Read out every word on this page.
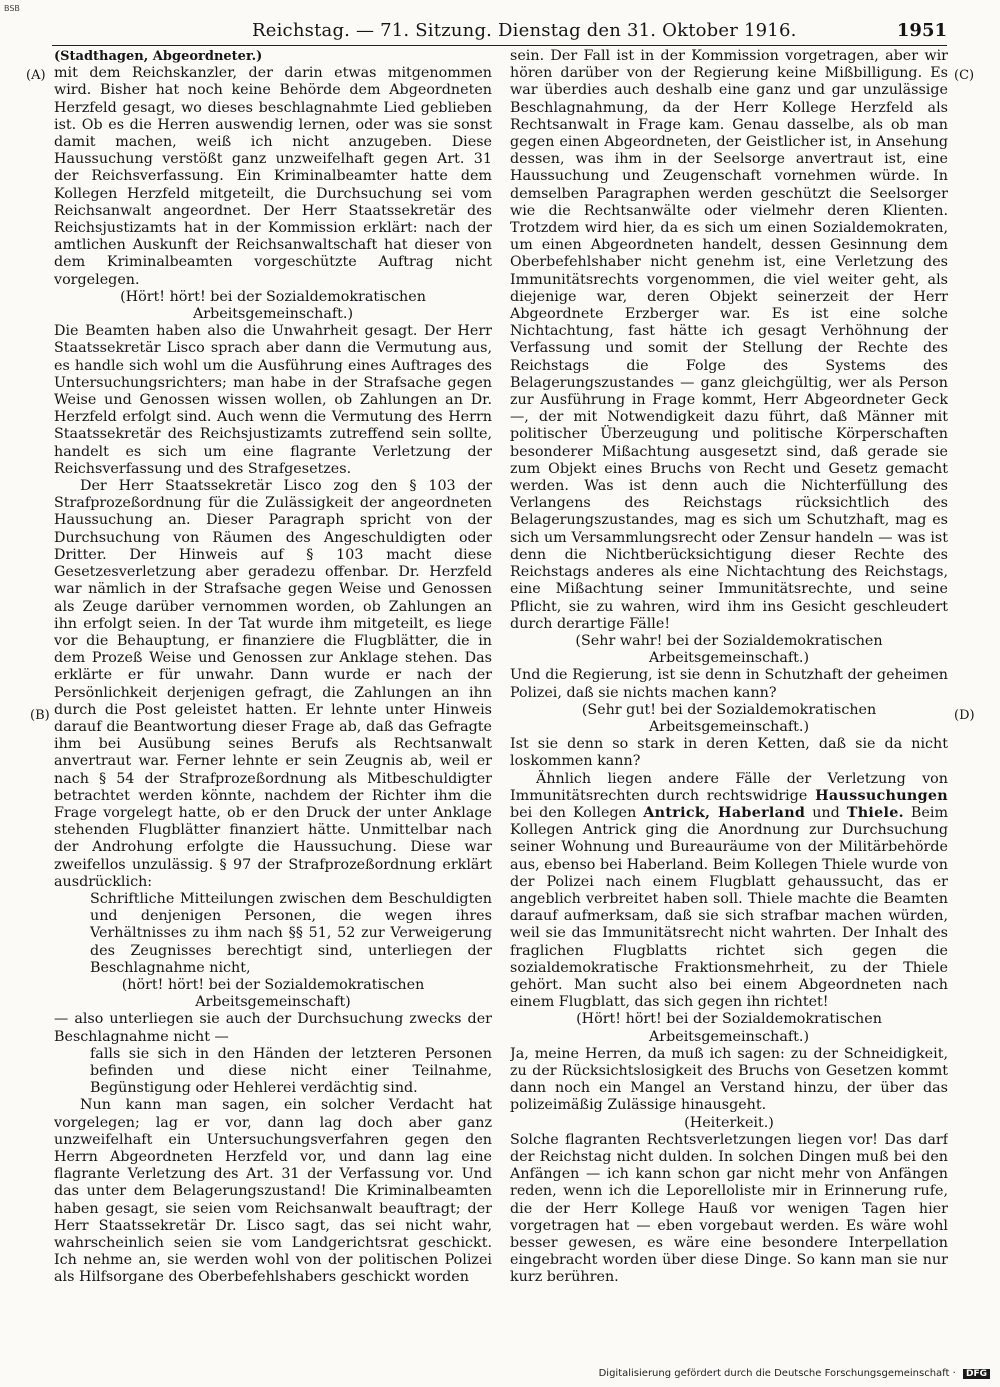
BSB
Reichstag. — 71. Sitzung. Dienstag den 31. Oktober 1916.	1951
(A)
(B)
(C)
(D)

(Stadthagen, Abgeordneter.)

mit dem Reichskanzler, der darin etwas mitgenommen wird. Bisher hat noch keine Behörde dem Abgeordneten Herzfeld gesagt, wo dieses beschlagnahmte Lied geblieben ist. Ob es die Herren auswendig lernen, oder was sie sonst damit machen, weiß ich nicht anzugeben. Diese Haussuchung verstößt ganz unzweifelhaft gegen Art. 31 der Reichsverfassung. Ein Kriminalbeamter hatte dem Kollegen Herzfeld mitgeteilt, die Durchsuchung sei vom Reichsanwalt angeordnet. Der Herr Staatssekretär des Reichsjustizamts hat in der Kommission erklärt: nach der amtlichen Auskunft der Reichsanwaltschaft hat dieser von dem Kriminalbeamten vorgeschützte Auftrag nicht vorgelegen.

(Hört! hört! bei der Sozialdemokratischen Arbeitsgemeinschaft.)

Die Beamten haben also die Unwahrheit gesagt. Der Herr Staatssekretär Lisco sprach aber dann die Vermutung aus, es handle sich wohl um die Ausführung eines Auftrages des Untersuchungsrichters; man habe in der Strafsache gegen Weise und Genossen wissen wollen, ob Zahlungen an Dr. Herzfeld erfolgt sind. Auch wenn die Vermutung des Herrn Staatssekretär des Reichsjustizamts zutreffend sein sollte, handelt es sich um eine flagrante Verletzung der Reichsverfassung und des Strafgesetzes.

Der Herr Staatssekretär Lisco zog den § 103 der Strafprozeßordnung für die Zulässigkeit der angeordneten Haussuchung an. Dieser Paragraph spricht von der Durchsuchung von Räumen des Angeschuldigten oder Dritter. Der Hinweis auf § 103 macht diese Gesetzesverletzung aber geradezu offenbar. Dr. Herzfeld war nämlich in der Strafsache gegen Weise und Genossen als Zeuge darüber vernommen worden, ob Zahlungen an ihn erfolgt seien. In der Tat wurde ihm mitgeteilt, es liege vor die Behauptung, er finanziere die Flugblätter, die in dem Prozeß Weise und Genossen zur Anklage stehen. Das erklärte er für unwahr. Dann wurde er nach der Persönlichkeit derjenigen gefragt, die Zahlungen an ihn durch die Post geleistet hatten. Er lehnte unter Hinweis darauf die Beantwortung dieser Frage ab, daß das Gefragte ihm bei Ausübung seines Berufs als Rechtsanwalt anvertraut war. Ferner lehnte er sein Zeugnis ab, weil er nach § 54 der Strafprozeßordnung als Mitbeschuldigter betrachtet werden könnte, nachdem der Richter ihm die Frage vorgelegt hatte, ob er den Druck der unter Anklage stehenden Flugblätter finanziert hätte. Unmittelbar nach der Androhung erfolgte die Haussuchung. Diese war zweifellos unzulässig. § 97 der Strafprozeßordnung erklärt ausdrücklich:

Schriftliche Mitteilungen zwischen dem Beschuldigten und denjenigen Personen, die wegen ihres Verhältnisses zu ihm nach §§ 51, 52 zur Verweigerung des Zeugnisses berechtigt sind, unterliegen der Beschlagnahme nicht,

(hört! hört! bei der Sozialdemokratischen Arbeitsgemeinschaft)

— also unterliegen sie auch der Durchsuchung zwecks der Beschlagnahme nicht —

falls sie sich in den Händen der letzteren Personen befinden und diese nicht einer Teilnahme, Begünstigung oder Hehlerei verdächtig sind.

Nun kann man sagen, ein solcher Verdacht hat vorgelegen; lag er vor, dann lag doch aber ganz unzweifelhaft ein Untersuchungsverfahren gegen den Herrn Abgeordneten Herzfeld vor, und dann lag eine flagrante Verletzung des Art. 31 der Verfassung vor. Und das unter dem Belagerungszustand! Die Kriminalbeamten haben gesagt, sie seien vom Reichsanwalt beauftragt; der Herr Staatssekretär Dr. Lisco sagt, das sei nicht wahr, wahrscheinlich seien sie vom Landgerichtsrat geschickt. Ich nehme an, sie werden wohl von der politischen Polizei als Hilfsorgane des Oberbefehlshabers geschickt worden

sein. Der Fall ist in der Kommission vorgetragen, aber wir hören darüber von der Regierung keine Mißbilligung. Es war überdies auch deshalb eine ganz und gar unzulässige Beschlagnahmung, da der Herr Kollege Herzfeld als Rechtsanwalt in Frage kam. Genau dasselbe, als ob man gegen einen Abgeordneten, der Geistlicher ist, in Ansehung dessen, was ihm in der Seelsorge anvertraut ist, eine Haussuchung und Zeugenschaft vornehmen würde. In demselben Paragraphen werden geschützt die Seelsorger wie die Rechtsanwälte oder vielmehr deren Klienten. Trotzdem wird hier, da es sich um einen Sozialdemokraten, um einen Abgeordneten handelt, dessen Gesinnung dem Oberbefehlshaber nicht genehm ist, eine Verletzung des Immunitätsrechts vorgenommen, die viel weiter geht, als diejenige war, deren Objekt seinerzeit der Herr Abgeordnete Erzberger war. Es ist eine solche Nichtachtung, fast hätte ich gesagt Verhöhnung der Verfassung und somit der Stellung der Rechte des Reichstags die Folge des Systems des Belagerungszustandes — ganz gleichgültig, wer als Person zur Ausführung in Frage kommt, Herr Abgeordneter Geck —, der mit Notwendigkeit dazu führt, daß Männer mit politischer Überzeugung und politische Körperschaften besonderer Mißachtung ausgesetzt sind, daß gerade sie zum Objekt eines Bruchs von Recht und Gesetz gemacht werden. Was ist denn auch die Nichterfüllung des Verlangens des Reichstags rücksichtlich des Belagerungszustandes, mag es sich um Schutzhaft, mag es sich um Versammlungsrecht oder Zensur handeln — was ist denn die Nichtberücksichtigung dieser Rechte des Reichstags anderes als eine Nichtachtung des Reichstags, eine Mißachtung seiner Immunitätsrechte, und seine Pflicht, sie zu wahren, wird ihm ins Gesicht geschleudert durch derartige Fälle!

(Sehr wahr! bei der Sozialdemokratischen Arbeitsgemeinschaft.)

Und die Regierung, ist sie denn in Schutzhaft der geheimen Polizei, daß sie nichts machen kann?

(Sehr gut! bei der Sozialdemokratischen Arbeitsgemeinschaft.)

Ist sie denn so stark in deren Ketten, daß sie da nicht loskommen kann?

Ähnlich liegen andere Fälle der Verletzung von Immunitätsrechten durch rechtswidrige Haussuchungen bei den Kollegen Antrick, Haberland und Thiele. Beim Kollegen Antrick ging die Anordnung zur Durchsuchung seiner Wohnung und Bureauräume von der Militärbehörde aus, ebenso bei Haberland. Beim Kollegen Thiele wurde von der Polizei nach einem Flugblatt gehaussucht, das er angeblich verbreitet haben soll. Thiele machte die Beamten darauf aufmerksam, daß sie sich strafbar machen würden, weil sie das Immunitätsrecht nicht wahrten. Der Inhalt des fraglichen Flugblatts richtet sich gegen die sozialdemokratische Fraktionsmehrheit, zu der Thiele gehört. Man sucht also bei einem Abgeordneten nach einem Flugblatt, das sich gegen ihn richtet!

(Hört! hört! bei der Sozialdemokratischen Arbeitsgemeinschaft.)

Ja, meine Herren, da muß ich sagen: zu der Schneidigkeit, zu der Rücksichtslosigkeit des Bruchs von Gesetzen kommt dann noch ein Mangel an Verstand hinzu, der über das polizeimäßig Zulässige hinausgeht.

(Heiterkeit.)

Solche flagranten Rechtsverletzungen liegen vor! Das darf der Reichstag nicht dulden. In solchen Dingen muß bei den Anfängen — ich kann schon gar nicht mehr von Anfängen reden, wenn ich die Leporelloliste mir in Erinnerung rufe, die der Herr Kollege Hauß vor wenigen Tagen hier vorgetragen hat — eben vorgebaut werden. Es wäre wohl besser gewesen, es wäre eine besondere Interpellation eingebracht worden über diese Dinge. So kann man sie nur kurz berühren.

Digitalisierung gefördert durch die Deutsche Forschungsgemeinschaft · DFG
